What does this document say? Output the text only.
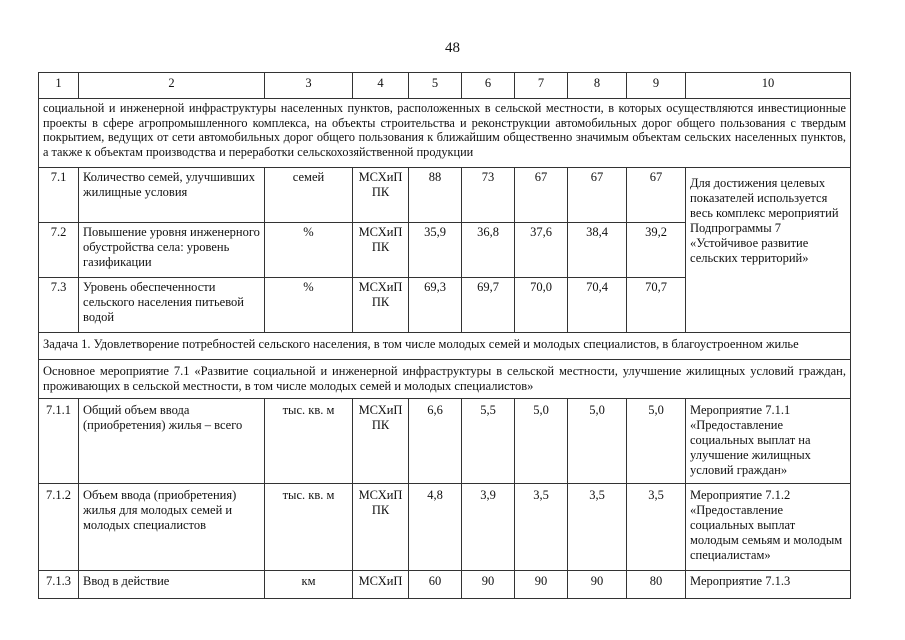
48
1	2	3	4	5	6	7	8	9	10
социальной и инженерной инфраструктуры населенных пунктов, расположенных в сельской местности, в которых осуществляются инвестиционные проекты в сфере агропромышленного комплекса, на объекты строительства и реконструкции автомобильных дорог общего пользования с твердым покрытием, ведущих от сети автомобильных дорог общего пользования к ближайшим общественно значимым объектам сельских населенных пунктов, а также к объектам производства и переработки сельскохозяйственной продукции									
7.1	Количество семей, улучшивших жилищные условия	семей	МСХиП ПК	88	73	67	67	67	Для достижения целевых показателей используется весь комплекс мероприятий Подпрограммы 7 «Устойчивое развитие сельских территорий»
7.2	Повышение уровня инженерного обустройства села: уровень газификации	%	МСХиП ПК	35,9	36,8	37,6	38,4	39,2	
7.3	Уровень обеспеченности сельского населения питьевой водой	%	МСХиП ПК	69,3	69,7	70,0	70,4	70,7	
Задача 1. Удовлетворение потребностей сельского населения, в том числе молодых семей и молодых специалистов, в благоустроенном жилье									
Основное мероприятие 7.1 «Развитие социальной и инженерной инфраструктуры в сельской местности, улучшение жилищных условий граждан, проживающих в сельской местности, в том числе молодых семей и молодых специалистов»									
7.1.1	Общий объем ввода (приобретения) жилья – всего	тыс. кв. м	МСХиП ПК	6,6	5,5	5,0	5,0	5,0	Мероприятие 7.1.1 «Предоставление социальных выплат на улучшение жилищных условий граждан»
7.1.2	Объем ввода (приобретения) жилья для молодых семей и молодых специалистов	тыс. кв. м	МСХиП ПК	4,8	3,9	3,5	3,5	3,5	Мероприятие 7.1.2 «Предоставление социальных выплат молодым семьям и молодым специалистам»
7.1.3	Ввод в действие	км	МСХиП	60	90	90	90	80	Мероприятие 7.1.3
